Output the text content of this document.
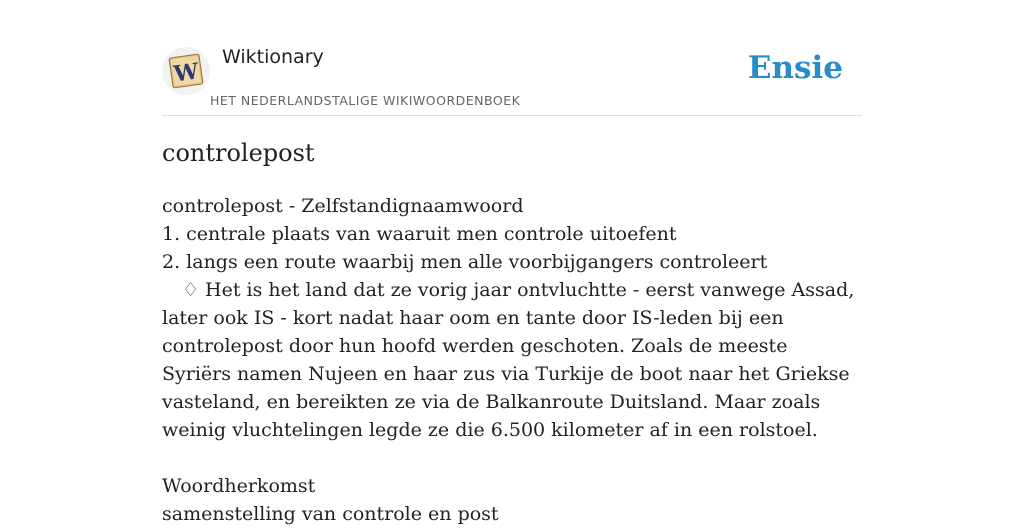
W
Wiktionary
HET NEDERLANDSTALIGE WIKIWOORDENBOEK
Ensie
controlepost

controlepost - Zelfstandignaamwoord

1. centrale plaats van waaruit men controle uitoefent

2. langs een route waarbij men alle voorbijgangers controleert

♢ Het is het land dat ze vorig jaar ontvluchtte - eerst vanwege Assad, later ook IS - kort nadat haar oom en tante door IS-leden bij een controlepost door hun hoofd werden geschoten. Zoals de meeste Syriërs namen Nujeen en haar zus via Turkije de boot naar het Griekse vasteland, en bereikten ze via de Balkanroute Duitsland. Maar zoals weinig vluchtelingen legde ze die 6.500 kilometer af in een rolstoel.

Woordherkomst

samenstelling van controle en post
